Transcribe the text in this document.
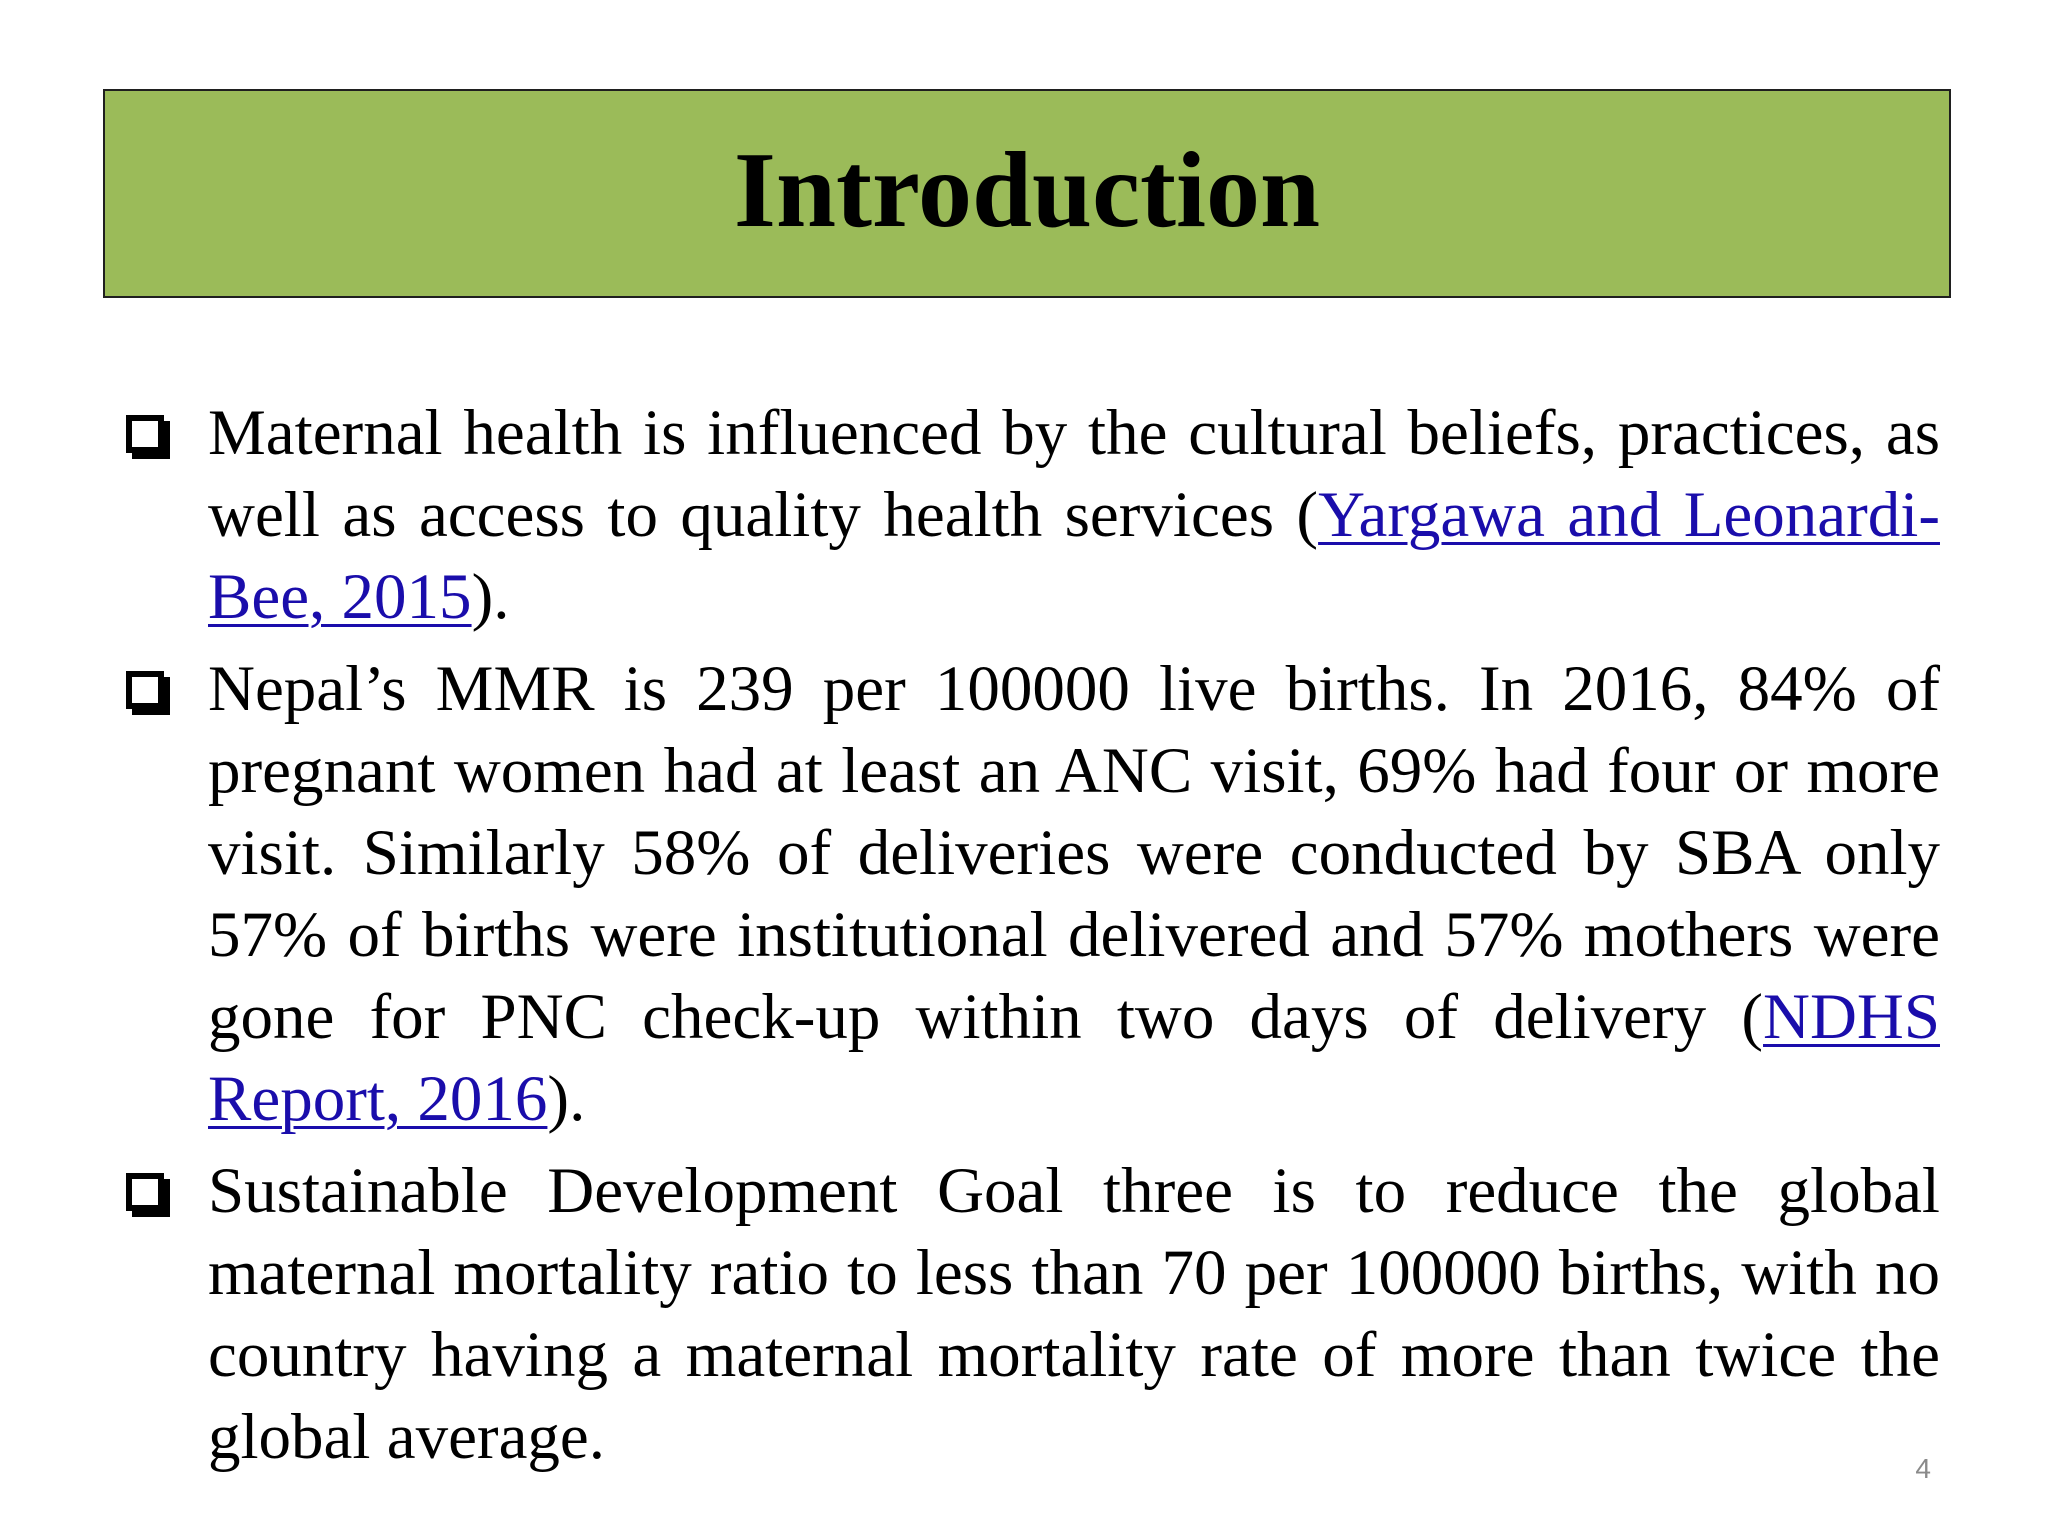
Introduction
Maternal health is influenced by the cultural beliefs, practices, as well as access to quality health services (Yargawa and Leonardi-Bee, 2015).
Nepal’s MMR is 239 per 100000 live births. In 2016, 84% of pregnant women had at least an ANC visit, 69% had four or more visit. Similarly 58% of deliveries were conducted by SBA only 57% of births were institutional delivered and 57% mothers were gone for PNC check-up within two days of delivery (NDHS Report, 2016).
Sustainable Development Goal three is to reduce the global maternal mortality ratio to less than 70 per 100000 births, with no country having a maternal mortality rate of more than twice the global average.	4
